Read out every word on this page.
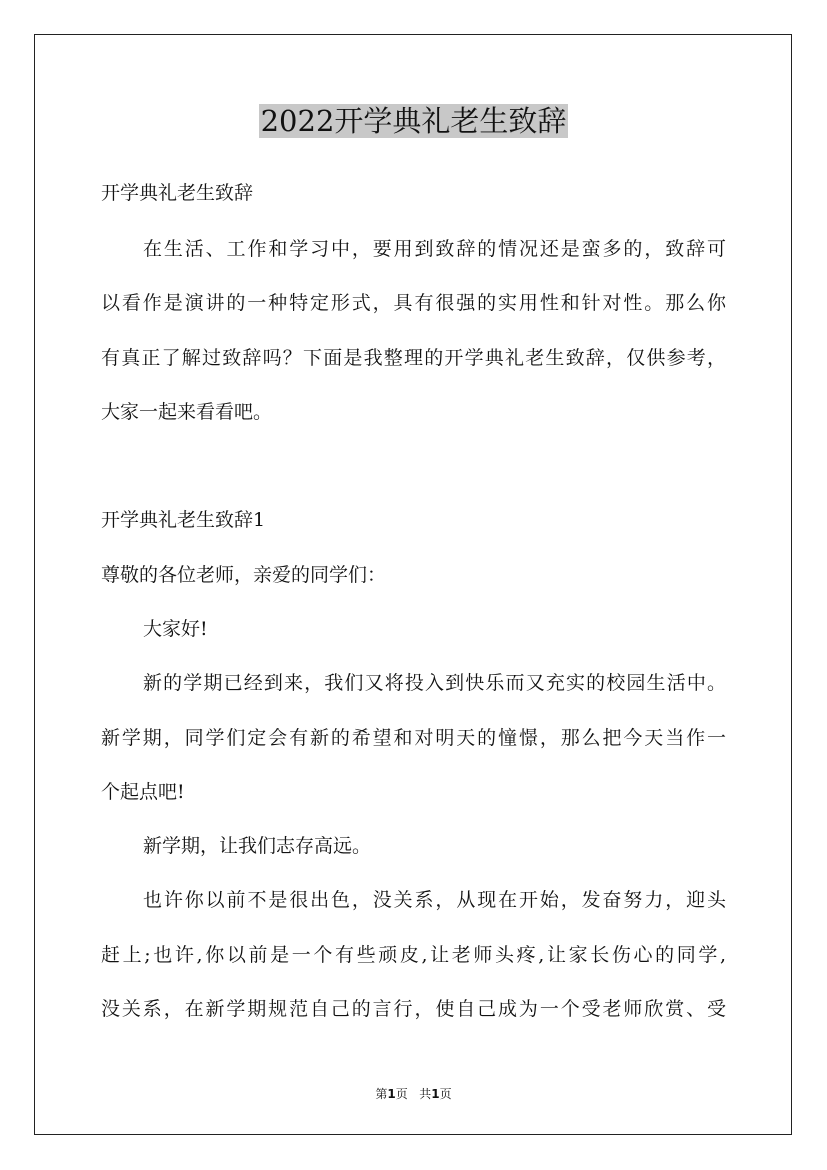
2022开学典礼老生致辞
开学典礼老生致辞
在生活、工作和学习中，要用到致辞的情况还是蛮多的，致辞可
以看作是演讲的一种特定形式，具有很强的实用性和针对性。那么你
有真正了解过致辞吗？下面是我整理的开学典礼老生致辞，仅供参考，
大家一起来看看吧。
开学典礼老生致辞1
尊敬的各位老师，亲爱的同学们：
大家好!
新的学期已经到来，我们又将投入到快乐而又充实的校园生活中。
新学期，同学们定会有新的希望和对明天的憧憬，那么把今天当作一
个起点吧!
新学期，让我们志存高远。
也许你以前不是很出色，没关系，从现在开始，发奋努力，迎头
赶上;也许,你以前是一个有些顽皮,让老师头疼,让家长伤心的同学,
没关系，在新学期规范自己的言行，使自己成为一个受老师欣赏、受
第1页 共1页
